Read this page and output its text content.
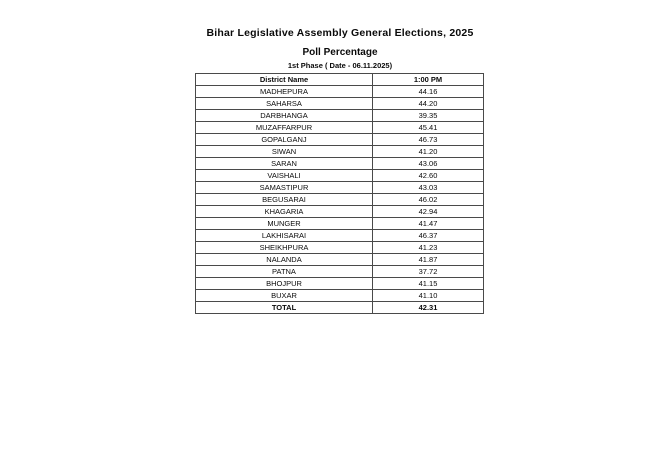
Bihar Legislative Assembly General Elections, 2025

Poll Percentage

1st Phase ( Date - 06.11.2025)

District Name	1:00 PM
MADHEPURA	44.16
SAHARSA	44.20
DARBHANGA	39.35
MUZAFFARPUR	45.41
GOPALGANJ	46.73
SIWAN	41.20
SARAN	43.06
VAISHALI	42.60
SAMASTIPUR	43.03
BEGUSARAI	46.02
KHAGARIA	42.94
MUNGER	41.47
LAKHISARAI	46.37
SHEIKHPURA	41.23
NALANDA	41.87
PATNA	37.72
BHOJPUR	41.15
BUXAR	41.10
TOTAL	42.31
